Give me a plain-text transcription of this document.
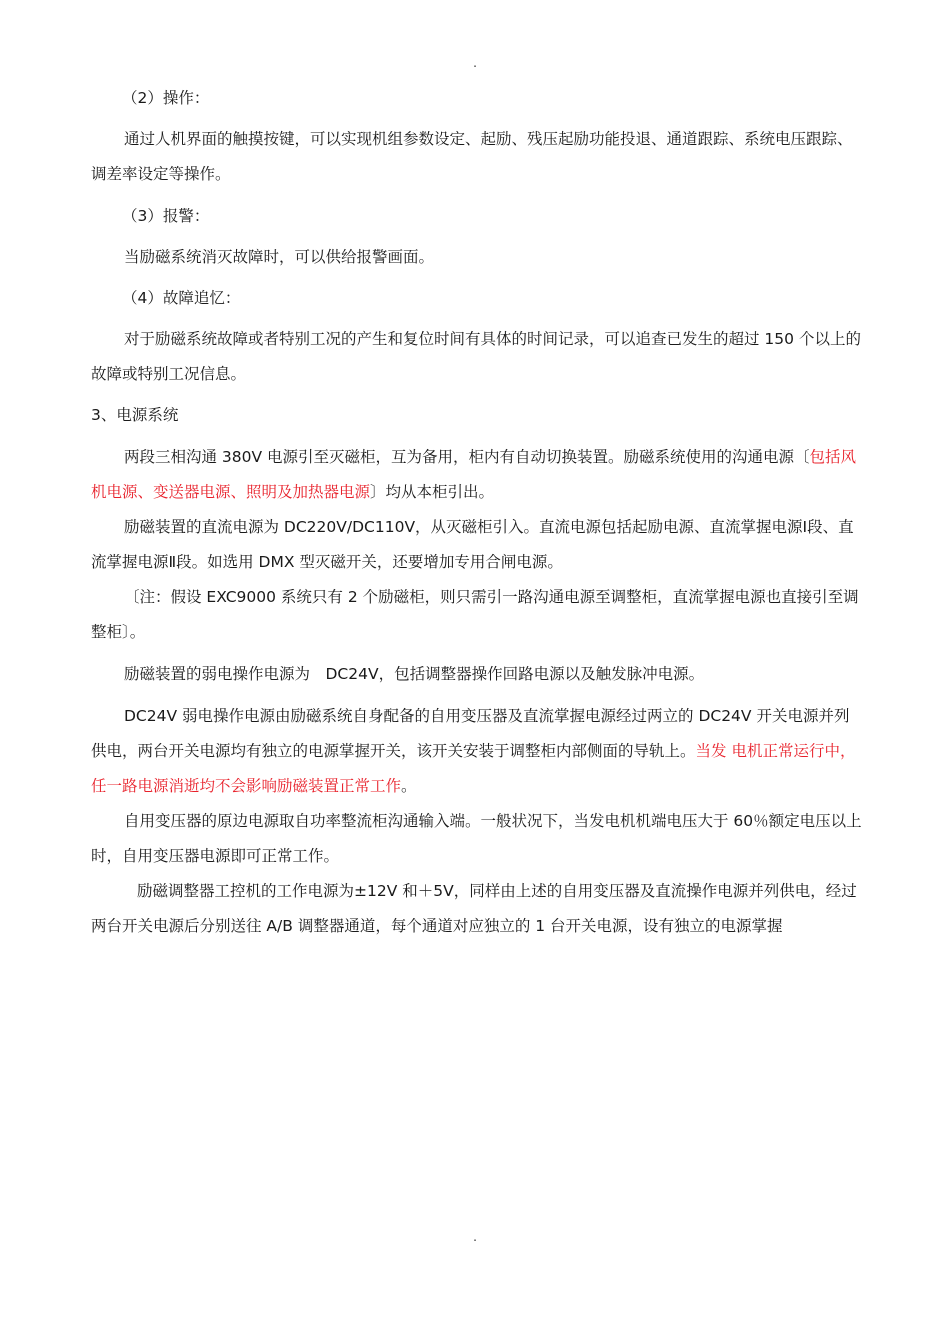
.

（2）操作：

通过人机界面的触摸按键，可以实现机组参数设定、起励、残压起励功能投退、通道跟踪、系统电压跟踪、调差率设定等操作。

（3）报警：

当励磁系统消灭故障时，可以供给报警画面。

（4）故障追忆：

对于励磁系统故障或者特别工况的产生和复位时间有具体的时间记录，可以追查已发生的超过 150 个以上的故障或特别工况信息。

3、电源系统

两段三相沟通 380V 电源引至灭磁柜，互为备用，柜内有自动切换装置。励磁系统使用的沟通电源〔包括风机电源、变送器电源、照明及加热器电源〕均从本柜引出。

励磁装置的直流电源为 DC220V/DC110V，从灭磁柜引入。直流电源包括起励电源、直流掌握电源Ⅰ段、直流掌握电源Ⅱ段。如选用 DMX 型灭磁开关，还要增加专用合闸电源。

〔注：假设 EXC9000 系统只有 2 个励磁柜，则只需引一路沟通电源至调整柜，直流掌握电源也直接引至调整柜〕。

励磁装置的弱电操作电源为　DC24V，包括调整器操作回路电源以及触发脉冲电源。

DC24V 弱电操作电源由励磁系统自身配备的自用变压器及直流掌握电源经过两立的 DC24V 开关电源并列供电，两台开关电源均有独立的电源掌握开关，该开关安装于调整柜内部侧面的导轨上。当发 电机正常运行中，任一路电源消逝均不会影响励磁装置正常工作。

自用变压器的原边电源取自功率整流柜沟通输入端。一般状况下，当发电机机端电压大于 60％额定电压以上时，自用变压器电源即可正常工作。

励磁调整器工控机的工作电源为±12V 和＋5V，同样由上述的自用变压器及直流操作电源并列供电，经过两台开关电源后分别送往 A/B 调整器通道，每个通道对应独立的 1 台开关电源，设有独立的电源掌握

.
